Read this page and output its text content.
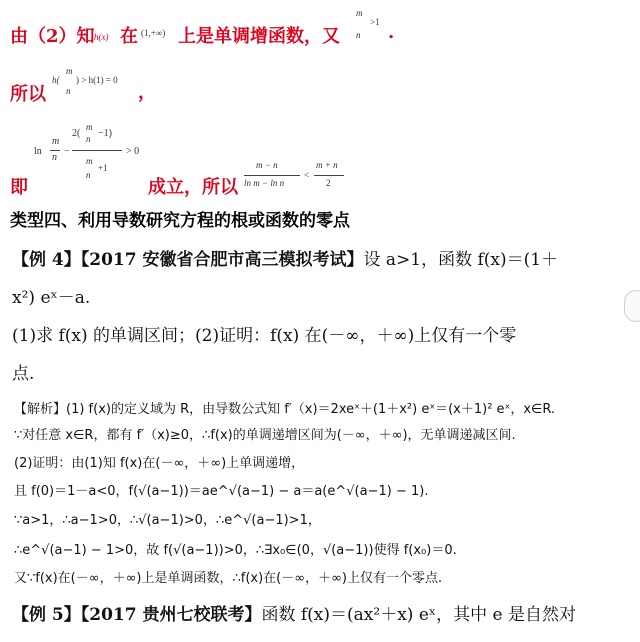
由（2）知 h(x) 在 (1,+∞) 上是单调增函数，又
m
n
>1 .
所以
h(
m
n
) > h(1) = 0
，
ln
m
n
−
2(
m
n −1)
m
n
+1
> 0
即	成立，所以
m − n
ln m − ln n
<
m + n
2
类型四、利用导数研究方程的根或函数的零点
【例 4】【2017 安徽省合肥市高三模拟考试】设 a>1，函数 f(x)＝(1＋
x²) eˣ－a.
(1)求 f(x) 的单调区间；(2)证明：f(x) 在(－∞，＋∞)上仅有一个零
点.
【解析】(1) f(x)的定义域为 R，由导数公式知 f′（x)＝2xeˣ＋(1＋x²) eˣ＝(x＋1)² eˣ，x∈R.
∵对任意 x∈R，都有 f′（x)≥0，∴f(x)的单调递增区间为(－∞，＋∞)，无单调递减区间.
(2)证明：由(1)知 f(x)在(－∞，＋∞)上单调递增，
且 f(0)＝1－a<0，f(√(a−1))＝ae^√(a−1) − a＝a(e^√(a−1) − 1).
∵a>1，∴a−1>0，∴√(a−1)>0，∴e^√(a−1)>1，
∴e^√(a−1) − 1>0，故 f(√(a−1))>0，∴∃x₀∈(0，√(a−1))使得 f(x₀)＝0.
又∵f(x)在(－∞，＋∞)上是单调函数，∴f(x)在(－∞，＋∞)上仅有一个零点.
【例 5】【2017 贵州七校联考】函数 f(x)＝(ax²＋x) eˣ，其中 e 是自然对
